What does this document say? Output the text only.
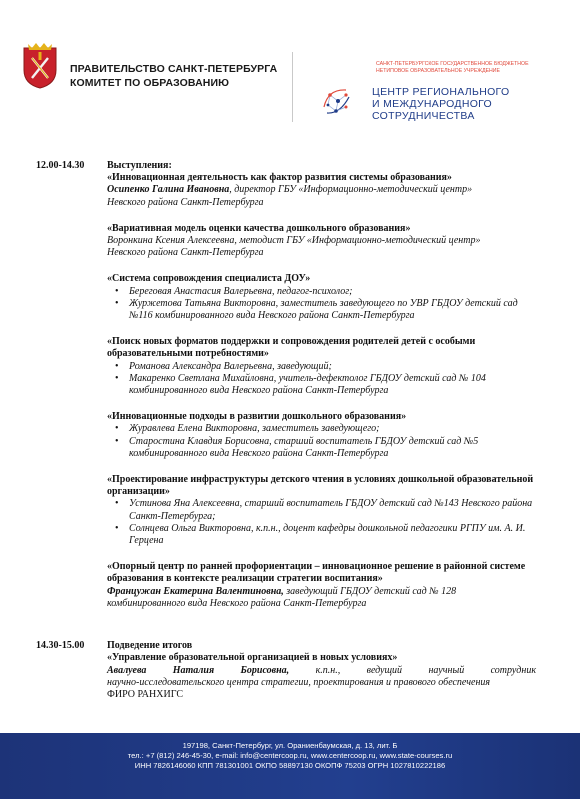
ПРАВИТЕЛЬСТВО САНКТ-ПЕТЕРБУРГА
КОМИТЕТ ПО ОБРАЗОВАНИЮ
САНКТ-ПЕТЕРБУРГСКОЕ ГОСУДАРСТВЕННОЕ БЮДЖЕТНОЕ
НЕТИПОВОЕ ОБРАЗОВАТЕЛЬНОЕ УЧРЕЖДЕНИЕ
ЦЕНТР РЕГИОНАЛЬНОГО
И МЕЖДУНАРОДНОГО
СОТРУДНИЧЕСТВА
12.00-14.30 Выступления:
«Инновационная деятельность как фактор развития системы образования»
Осипенко Галина Ивановна, директор ГБУ «Информационно-методический центр»
Невского района Санкт-Петербурга
«Вариативная модель оценки качества дошкольного образования»
Воронкина Ксения Алексеевна, методист ГБУ «Информационно-методический центр»
Невского района Санкт-Петербурга
«Система сопровождения специалиста ДОУ»
• Береговая Анастасия Валерьевна, педагог-психолог;
• Журжетова Татьяна Викторовна, заместитель заведующего по УВР ГБДОУ детский сад №116 комбинированного вида Невского района Санкт-Петербурга
«Поиск новых форматов поддержки и сопровождения родителей детей с особыми образовательными потребностями»
• Романова Александра Валерьевна, заведующий;
• Макаренко Светлана Михайловна, учитель-дефектолог ГБДОУ детский сад № 104 комбинированного вида Невского района Санкт-Петербурга
«Инновационные подходы в развитии дошкольного образования»
• Журавлева Елена Викторовна, заместитель заведующего;
• Старостина Клавдия Борисовна, старший воспитатель ГБДОУ детский сад №5 комбинированного вида Невского района Санкт-Петербурга
«Проектирование инфраструктуры детского чтения в условиях дошкольной образовательной организации»
• Устинова Яна Алексеевна, старший воспитатель ГБДОУ детский сад №143 Невского района Санкт-Петербурга;
• Солнцева Ольга Викторовна, к.п.н., доцент кафедры дошкольной педагогики РГПУ им. А. И. Герцена
«Опорный центр по ранней профориентации – инновационное решение в районной системе образования в контексте реализации стратегии воспитания»
Францужан Екатерина Валентиновна, заведующий ГБДОУ детский сад № 128
комбинированного вида Невского района Санкт-Петербурга
14.30-15.00 Подведение итогов
«Управление образовательной организацией в новых условиях»
Авалуева Наталия Борисовна, к.п.н., ведущий научный сотрудник
научно-исследовательского центра стратегии, проектирования и правового обеспечения
ФИРО РАНХИГС
197198, Санкт-Петербург, ул. Ораниенбаумская, д. 13, лит. Б
тел.: +7 (812) 246-45-30, e-mail: info@centercoop.ru, www.centercoop.ru, www.state-courses.ru
ИНН 7826146060 КПП 781301001 ОКПО 58897130 ОКОПФ 75203 ОГРН 1027810222186
